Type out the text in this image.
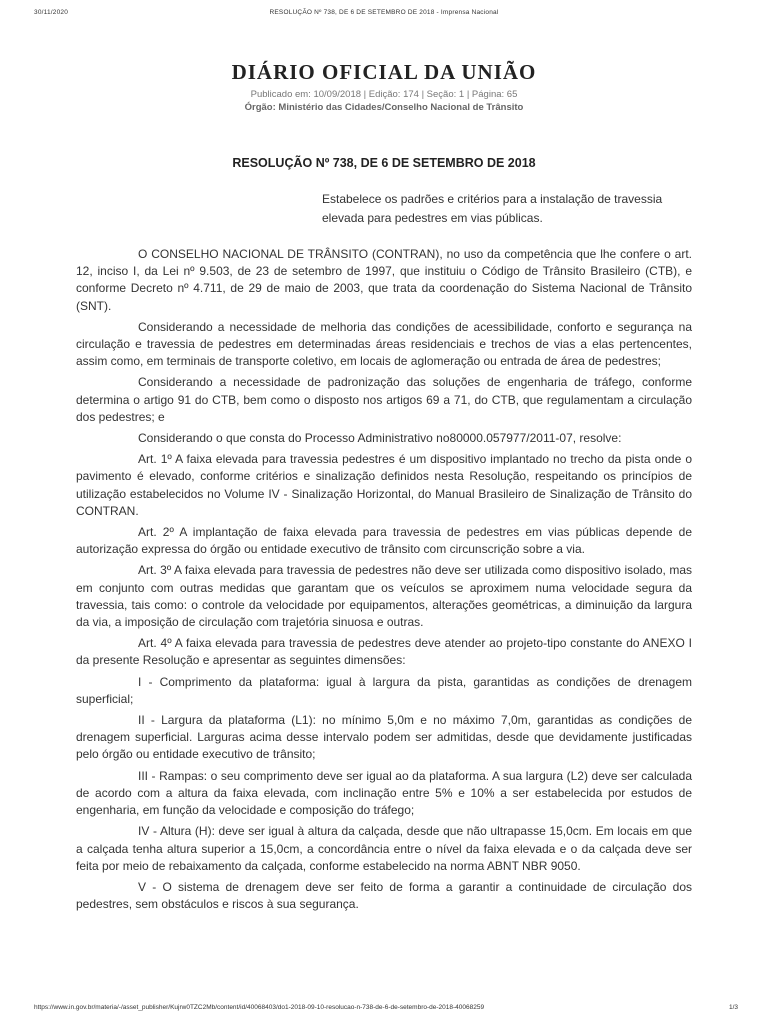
30/11/2020	RESOLUÇÃO Nº 738, DE 6 DE SETEMBRO DE 2018 - Imprensa Nacional
DIÁRIO OFICIAL DA UNIÃO
Publicado em: 10/09/2018 | Edição: 174 | Seção: 1 | Página: 65
Órgão: Ministério das Cidades/Conselho Nacional de Trânsito
RESOLUÇÃO Nº 738, DE 6 DE SETEMBRO DE 2018
Estabelece os padrões e critérios para a instalação de travessia elevada para pedestres em vias públicas.

O CONSELHO NACIONAL DE TRÂNSITO (CONTRAN), no uso da competência que lhe confere o art. 12, inciso I, da Lei nº 9.503, de 23 de setembro de 1997, que instituiu o Código de Trânsito Brasileiro (CTB), e conforme Decreto nº 4.711, de 29 de maio de 2003, que trata da coordenação do Sistema Nacional de Trânsito (SNT).

Considerando a necessidade de melhoria das condições de acessibilidade, conforto e segurança na circulação e travessia de pedestres em determinadas áreas residenciais e trechos de vias a elas pertencentes, assim como, em terminais de transporte coletivo, em locais de aglomeração ou entrada de área de pedestres;

Considerando a necessidade de padronização das soluções de engenharia de tráfego, conforme determina o artigo 91 do CTB, bem como o disposto nos artigos 69 a 71, do CTB, que regulamentam a circulação dos pedestres; e

Considerando o que consta do Processo Administrativo no80000.057977/2011-07, resolve:

Art. 1º A faixa elevada para travessia pedestres é um dispositivo implantado no trecho da pista onde o pavimento é elevado, conforme critérios e sinalização definidos nesta Resolução, respeitando os princípios de utilização estabelecidos no Volume IV - Sinalização Horizontal, do Manual Brasileiro de Sinalização de Trânsito do CONTRAN.

Art. 2º A implantação de faixa elevada para travessia de pedestres em vias públicas depende de autorização expressa do órgão ou entidade executivo de trânsito com circunscrição sobre a via.

Art. 3º A faixa elevada para travessia de pedestres não deve ser utilizada como dispositivo isolado, mas em conjunto com outras medidas que garantam que os veículos se aproximem numa velocidade segura da travessia, tais como: o controle da velocidade por equipamentos, alterações geométricas, a diminuição da largura da via, a imposição de circulação com trajetória sinuosa e outras.

Art. 4º A faixa elevada para travessia de pedestres deve atender ao projeto-tipo constante do ANEXO I da presente Resolução e apresentar as seguintes dimensões:

I - Comprimento da plataforma: igual à largura da pista, garantidas as condições de drenagem superficial;

II - Largura da plataforma (L1): no mínimo 5,0m e no máximo 7,0m, garantidas as condições de drenagem superficial. Larguras acima desse intervalo podem ser admitidas, desde que devidamente justificadas pelo órgão ou entidade executivo de trânsito;

III - Rampas: o seu comprimento deve ser igual ao da plataforma. A sua largura (L2) deve ser calculada de acordo com a altura da faixa elevada, com inclinação entre 5% e 10% a ser estabelecida por estudos de engenharia, em função da velocidade e composição do tráfego;

IV - Altura (H): deve ser igual à altura da calçada, desde que não ultrapasse 15,0cm. Em locais em que a calçada tenha altura superior a 15,0cm, a concordância entre o nível da faixa elevada e o da calçada deve ser feita por meio de rebaixamento da calçada, conforme estabelecido na norma ABNT NBR 9050.

V - O sistema de drenagem deve ser feito de forma a garantir a continuidade de circulação dos pedestres, sem obstáculos e riscos à sua segurança.

https://www.in.gov.br/materia/-/asset_publisher/Kujrw0TZC2Mb/content/id/40068403/do1-2018-09-10-resolucao-n-738-de-6-de-setembro-de-2018-40068259	1/3
